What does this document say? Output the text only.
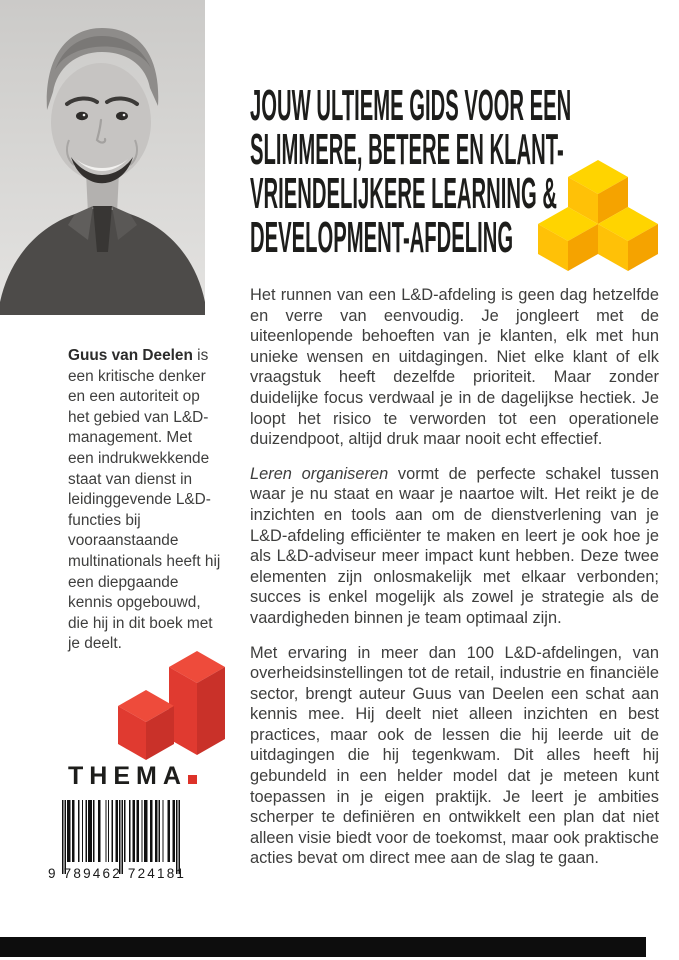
JOUW ULTIEME GIDS VOOR EEN
SLIMMERE, BETERE EN KLANT-
VRIENDELIJKERE LEARNING &
DEVELOPMENT-AFDELING

Het runnen van een L&D-afdeling is geen dag hetzelfde en verre van eenvoudig. Je jongleert met de uiteenlopende behoeften van je klanten, elk met hun unieke wensen en uitdagingen. Niet elke klant of elk vraagstuk heeft dezelfde prioriteit. Maar zonder duidelijke focus verdwaal je in de dagelijkse hectiek. Je loopt het risico te verworden tot een operationele duizendpoot, altijd druk maar nooit echt effectief.

Leren organiseren vormt de perfecte schakel tussen waar je nu staat en waar je naartoe wilt. Het reikt je de inzichten en tools aan om de dienstverlening van je L&D-afdeling efficiënter te maken en leert je ook hoe je als L&D-adviseur meer impact kunt hebben. Deze twee elementen zijn onlosmakelijk met elkaar verbonden; succes is enkel mogelijk als zowel je strategie als de vaardigheden binnen je team optimaal zijn.

Met ervaring in meer dan 100 L&D-afdelingen, van overheidsinstellingen tot de retail, industrie en financiële sector, brengt auteur Guus van Deelen een schat aan kennis mee. Hij deelt niet alleen inzichten en best practices, maar ook de lessen die hij leerde uit de uitdagingen die hij tegenkwam. Dit alles heeft hij gebundeld in een helder model dat je meteen kunt toepassen in je eigen praktijk. Je leert je ambities scherper te definiëren en ontwikkelt een plan dat niet alleen visie biedt voor de toekomst, maar ook praktische acties bevat om direct mee aan de slag te gaan.

Guus van Deelen is een kritische denker en een autoriteit op het gebied van L&D-management. Met een indrukwekkende staat van dienst in leidinggevende L&D-functies bij vooraanstaande multinationals heeft hij een diepgaande kennis opgebouwd, die hij in dit boek met je deelt.
THEMA
9 789462 724181
